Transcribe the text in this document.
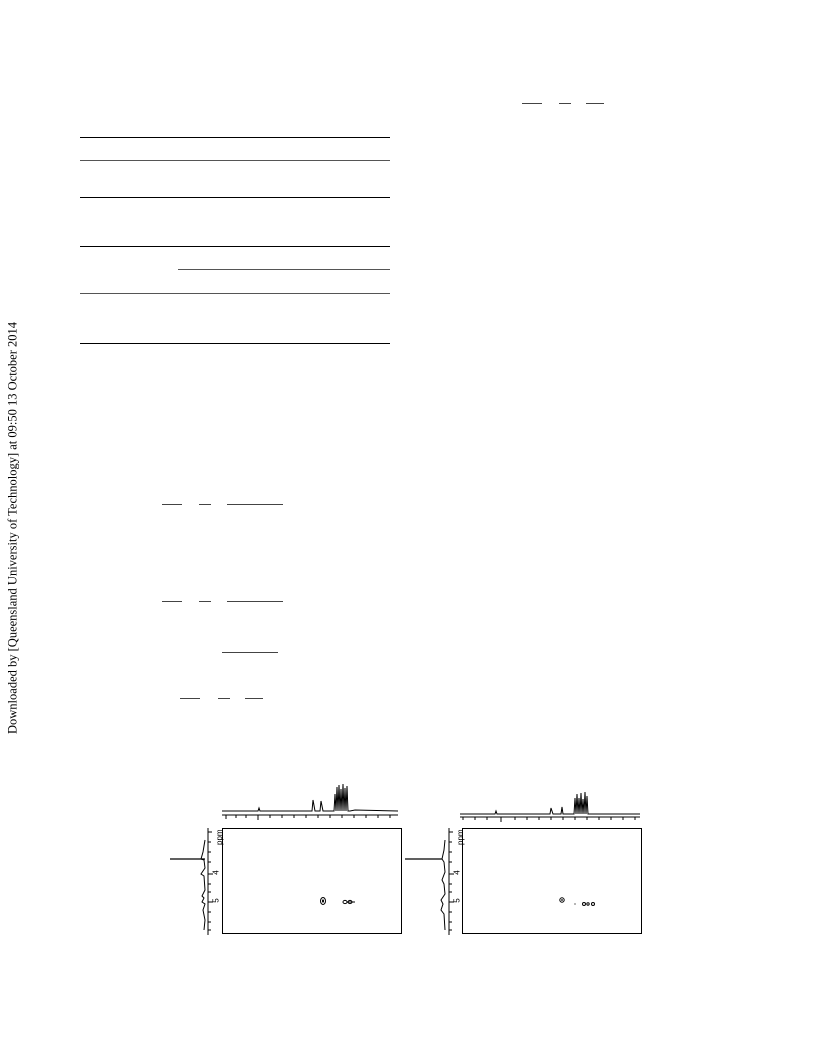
Downloaded by [Queensland University of Technology] at 09:50 13 October 2014
ppm
4
5
ppm
4
5
